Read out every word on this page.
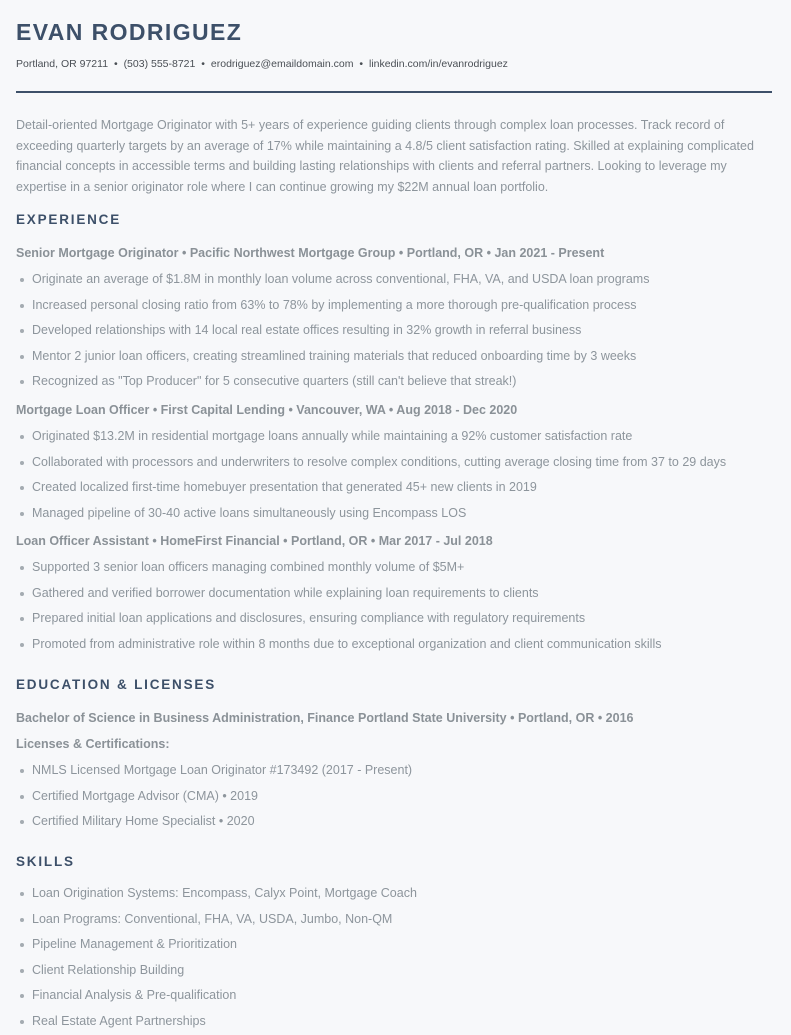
EVAN RODRIGUEZ
Portland, OR 97211 • (503) 555-8721 • erodriguez@emaildomain.com • linkedin.com/in/evanrodriguez
Detail-oriented Mortgage Originator with 5+ years of experience guiding clients through complex loan processes. Track record of exceeding quarterly targets by an average of 17% while maintaining a 4.8/5 client satisfaction rating. Skilled at explaining complicated financial concepts in accessible terms and building lasting relationships with clients and referral partners. Looking to leverage my expertise in a senior originator role where I can continue growing my $22M annual loan portfolio.
EXPERIENCE
Senior Mortgage Originator • Pacific Northwest Mortgage Group • Portland, OR • Jan 2021 - Present
Originate an average of $1.8M in monthly loan volume across conventional, FHA, VA, and USDA loan programs
Increased personal closing ratio from 63% to 78% by implementing a more thorough pre-qualification process
Developed relationships with 14 local real estate offices resulting in 32% growth in referral business
Mentor 2 junior loan officers, creating streamlined training materials that reduced onboarding time by 3 weeks
Recognized as "Top Producer" for 5 consecutive quarters (still can't believe that streak!)
Mortgage Loan Officer • First Capital Lending • Vancouver, WA • Aug 2018 - Dec 2020
Originated $13.2M in residential mortgage loans annually while maintaining a 92% customer satisfaction rate
Collaborated with processors and underwriters to resolve complex conditions, cutting average closing time from 37 to 29 days
Created localized first-time homebuyer presentation that generated 45+ new clients in 2019
Managed pipeline of 30-40 active loans simultaneously using Encompass LOS
Loan Officer Assistant • HomeFirst Financial • Portland, OR • Mar 2017 - Jul 2018
Supported 3 senior loan officers managing combined monthly volume of $5M+
Gathered and verified borrower documentation while explaining loan requirements to clients
Prepared initial loan applications and disclosures, ensuring compliance with regulatory requirements
Promoted from administrative role within 8 months due to exceptional organization and client communication skills
EDUCATION & LICENSES
Bachelor of Science in Business Administration, Finance Portland State University • Portland, OR • 2016
Licenses & Certifications:
NMLS Licensed Mortgage Loan Originator #173492 (2017 - Present)
Certified Mortgage Advisor (CMA) • 2019
Certified Military Home Specialist • 2020
SKILLS
Loan Origination Systems: Encompass, Calyx Point, Mortgage Coach
Loan Programs: Conventional, FHA, VA, USDA, Jumbo, Non-QM
Pipeline Management & Prioritization
Client Relationship Building
Financial Analysis & Pre-qualification
Real Estate Agent Partnerships
